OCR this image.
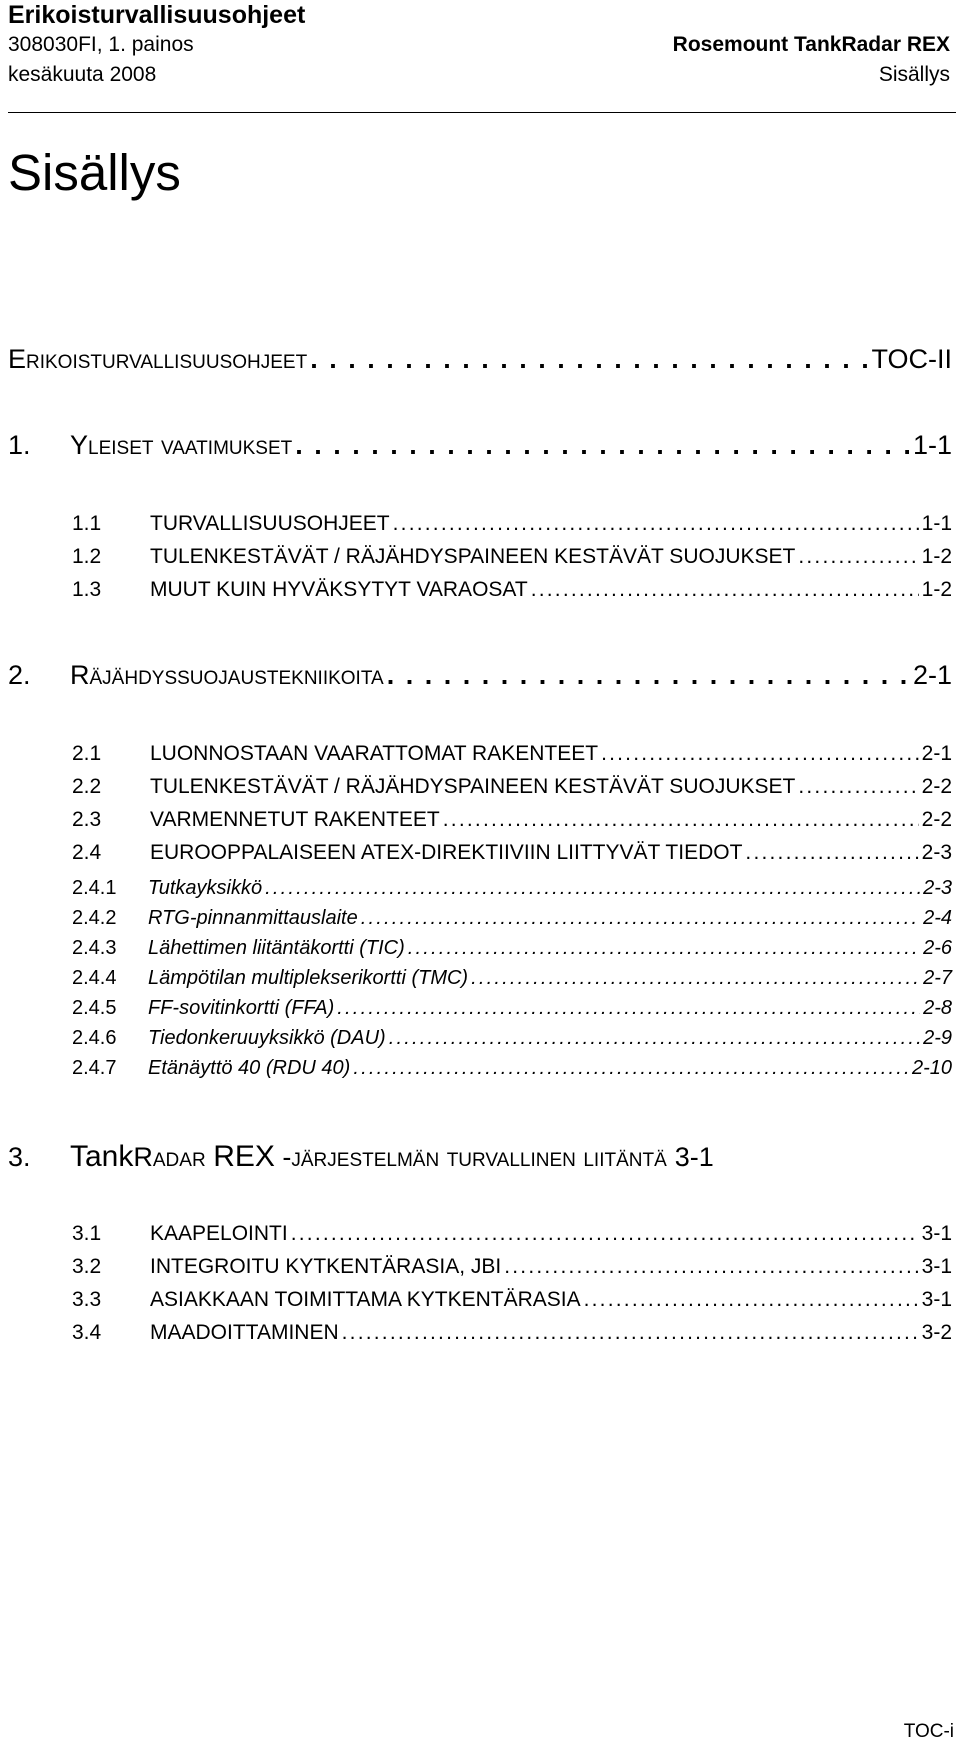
Erikoisturvallisuusohjeet
308030FI, 1. painos
kesäkuuta 2008
Rosemount TankRadar REX
Sisällys
Sisällys
Erikoisturvallisuusohjeet . . .	TOC-II
1.	Yleiset vaatimukset . . .	1-1
1.1	TURVALLISUUSOHJEET .....	1-1
1.2	TULENKESTÄVÄT / RÄJÄHDYSPAINEEN KESTÄVÄT SUOJUKSET .....	1-2
1.3	MUUT KUIN HYVÄKSYTYT VARAOSAT .....	1-2
2.	Räjähdyssuojaustekniikoita . . .	2-1
2.1	LUONNOSTAAN VAARATTOMAT RAKENTEET .....	2-1
2.2	TULENKESTÄVÄT / RÄJÄHDYSPAINEEN KESTÄVÄT SUOJUKSET .....	2-2
2.3	VARMENNETUT RAKENTEET .....	2-2
2.4	EUROOPPALAISEEN ATEX-DIREKTIIVIIN LIITTYVÄT TIEDOT .....	2-3
2.4.1	Tutkayksikkö .....	2-3
2.4.2	RTG-pinnanmittauslaite .....	2-4
2.4.3	Lähettimen liitäntäkortti (TIC) .....	2-6
2.4.4	Lämpötilan multiplekserikortti (TMC) .....	2-7
2.4.5	FF-sovitinkortti (FFA) .....	2-8
2.4.6	Tiedonkeruuyksikkö (DAU) .....	2-9
2.4.7	Etänäyttö 40 (RDU 40) .....	2-10
3.	TankRadar REX -järjestelmän turvallinen liitäntä 3-1
3.1	KAAPELOINTI .....	3-1
3.2	INTEGROITU KYTKENTÄRASIA, JBI .....	3-1
3.3	ASIAKKAAN TOIMITTAMA KYTKENTÄRASIA .....	3-1
3.4	MAADOITTAMINEN .....	3-2
TOC-i
